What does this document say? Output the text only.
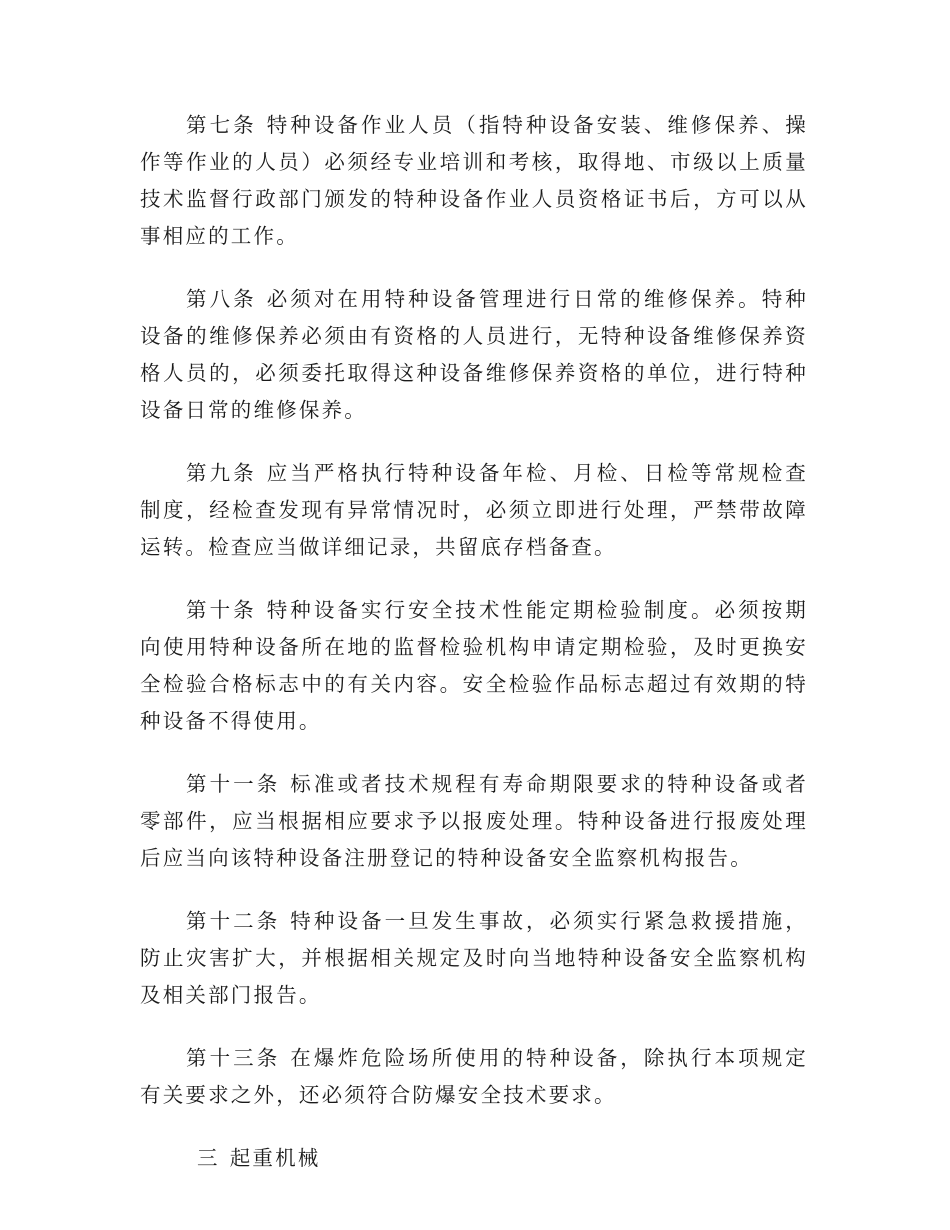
第七条 特种设备作业人员（指特种设备安装、维修保养、操作等作业的人员）必须经专业培训和考核，取得地、市级以上质量技术监督行政部门颁发的特种设备作业人员资格证书后，方可以从事相应的工作。

第八条 必须对在用特种设备管理进行日常的维修保养。特种设备的维修保养必须由有资格的人员进行，无特种设备维修保养资格人员的，必须委托取得这种设备维修保养资格的单位，进行特种设备日常的维修保养。

第九条 应当严格执行特种设备年检、月检、日检等常规检查制度，经检查发现有异常情况时，必须立即进行处理，严禁带故障运转。检查应当做详细记录，共留底存档备查。

第十条 特种设备实行安全技术性能定期检验制度。必须按期向使用特种设备所在地的监督检验机构申请定期检验，及时更换安全检验合格标志中的有关内容。安全检验作品标志超过有效期的特种设备不得使用。

第十一条 标准或者技术规程有寿命期限要求的特种设备或者零部件，应当根据相应要求予以报废处理。特种设备进行报废处理后应当向该特种设备注册登记的特种设备安全监察机构报告。

第十二条 特种设备一旦发生事故，必须实行紧急救援措施，防止灾害扩大，并根据相关规定及时向当地特种设备安全监察机构及相关部门报告。

第十三条 在爆炸危险场所使用的特种设备，除执行本项规定有关要求之外，还必须符合防爆安全技术要求。

三 起重机械
